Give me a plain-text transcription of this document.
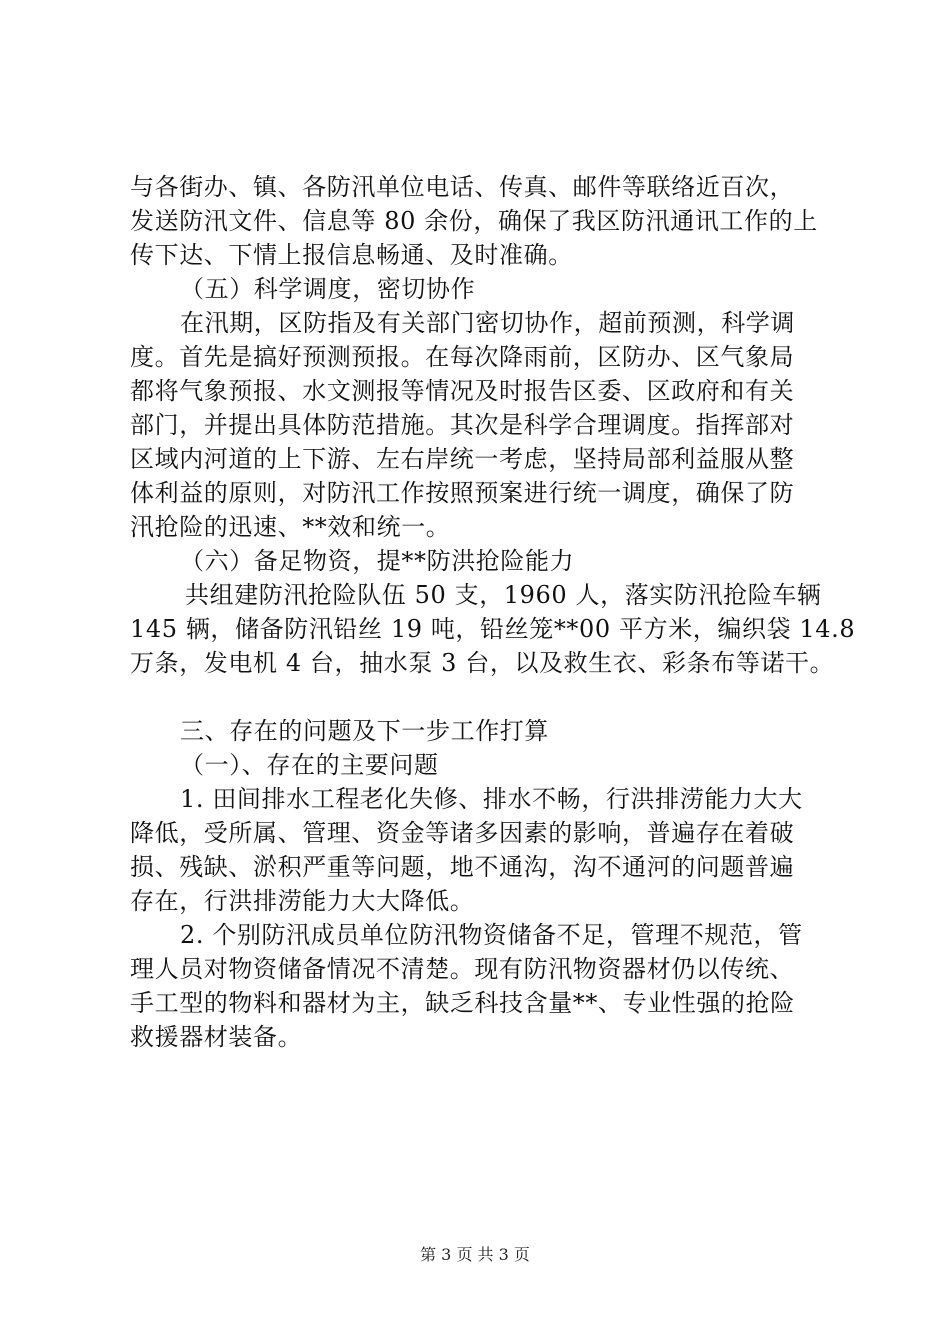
与各街办、镇、各防汛单位电话、传真、邮件等联络近百次，
发送防汛文件、信息等 80 余份，确保了我区防汛通讯工作的上
传下达、下情上报信息畅通、及时准确。
（五）科学调度，密切协作
在汛期，区防指及有关部门密切协作，超前预测，科学调
度。首先是搞好预测预报。在每次降雨前，区防办、区气象局
都将气象预报、水文测报等情况及时报告区委、区政府和有关
部门，并提出具体防范措施。其次是科学合理调度。指挥部对
区域内河道的上下游、左右岸统一考虑，坚持局部利益服从整
体利益的原则，对防汛工作按照预案进行统一调度，确保了防
汛抢险的迅速、**效和统一。
（六）备足物资，提**防洪抢险能力
共组建防汛抢险队伍 50 支，1960 人，落实防汛抢险车辆
145 辆，储备防汛铅丝 19 吨，铅丝笼**00 平方米，编织袋 14.8
万条，发电机 4 台，抽水泵 3 台，以及救生衣、彩条布等诺干。
三、存在的问题及下一步工作打算
（一）、存在的主要问题
1. 田间排水工程老化失修、排水不畅，行洪排涝能力大大
降低，受所属、管理、资金等诸多因素的影响，普遍存在着破
损、残缺、淤积严重等问题，地不通沟，沟不通河的问题普遍
存在，行洪排涝能力大大降低。
2. 个别防汛成员单位防汛物资储备不足，管理不规范，管
理人员对物资储备情况不清楚。现有防汛物资器材仍以传统、
手工型的物料和器材为主，缺乏科技含量**、专业性强的抢险
救援器材装备。
第 3 页 共 3 页
